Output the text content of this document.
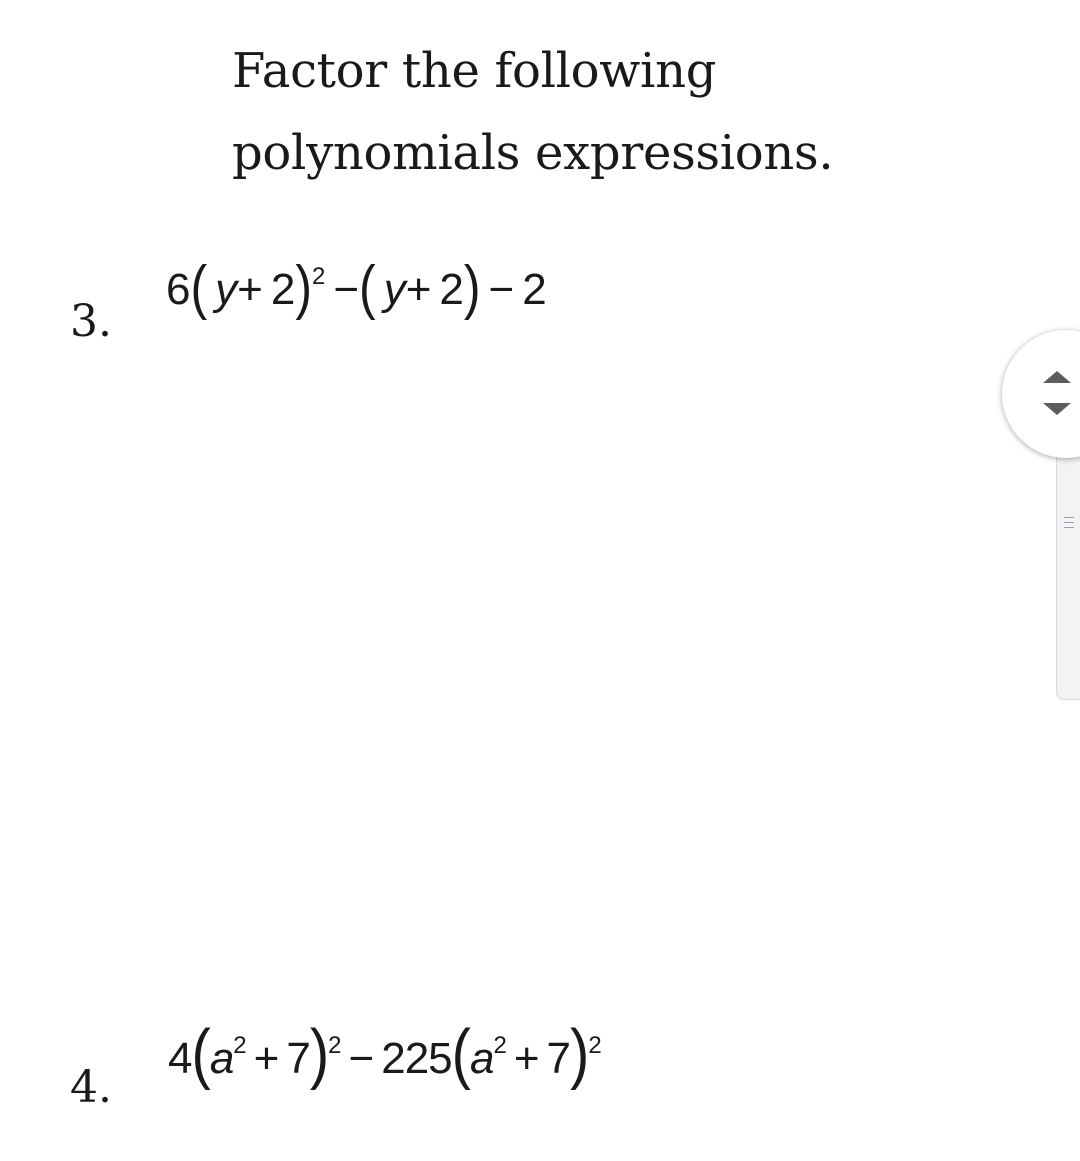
Factor the following
polynomials expressions.
3.
6( y+ 2)$^2$ −( y+ 2) − 2
4.
$4(a^2 + 7)^2 - 225(a^2 + 7)^2$
